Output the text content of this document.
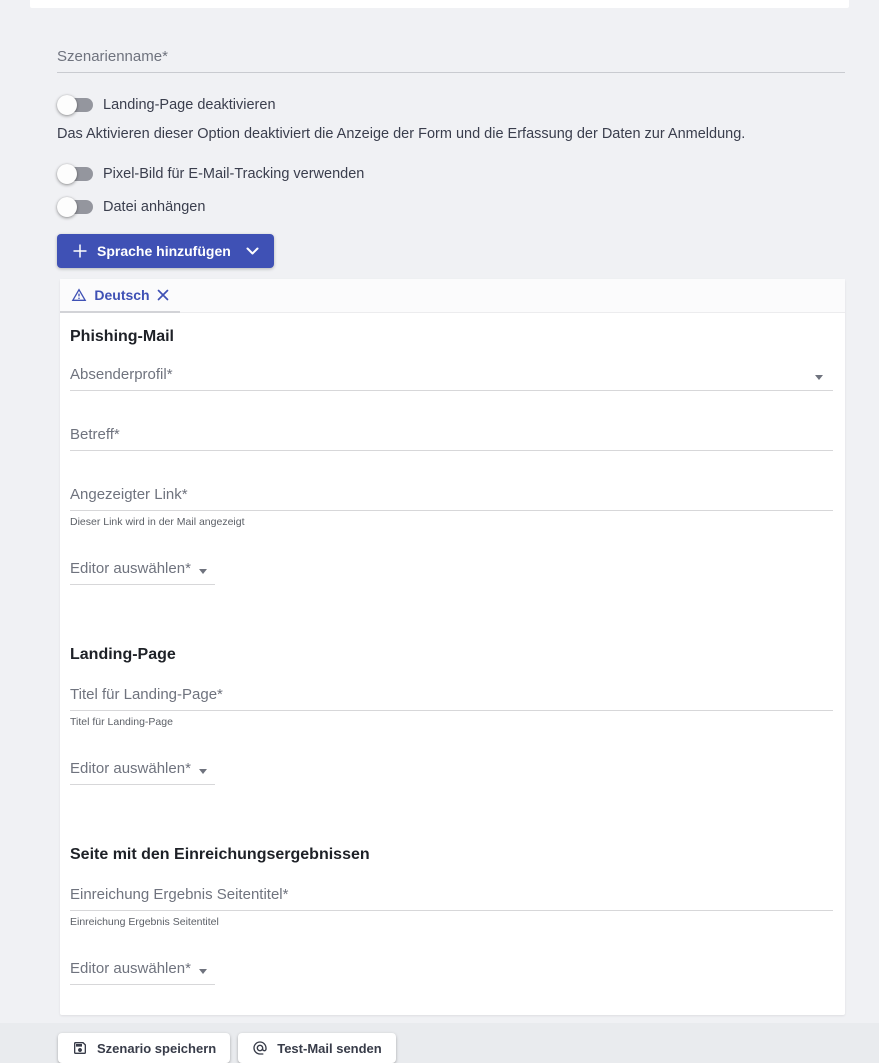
Szenarienname*
Landing-Page deaktivieren
Das Aktivieren dieser Option deaktiviert die Anzeige der Form und die Erfassung der Daten zur Anmeldung.
Pixel-Bild für E-Mail-Tracking verwenden
Datei anhängen
Sprache hinzufügen
Deutsch
Phishing-Mail
Absenderprofil*
Betreff*
Angezeigter Link*
Dieser Link wird in der Mail angezeigt
Editor auswählen*
Landing-Page
Titel für Landing-Page*
Titel für Landing-Page
Editor auswählen*
Seite mit den Einreichungsergebnissen
Einreichung Ergebnis Seitentitel*
Einreichung Ergebnis Seitentitel
Editor auswählen*
Szenario speichern	Test-Mail senden
